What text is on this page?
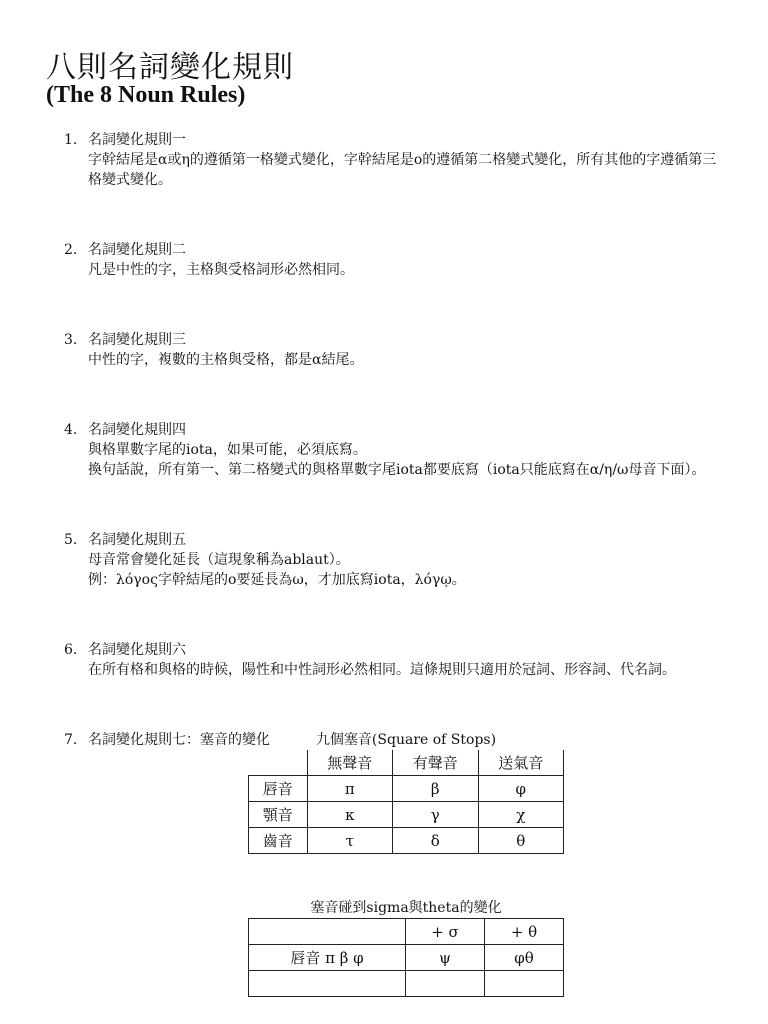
八則名詞變化規則
(The 8 Noun Rules)
1. 名詞變化規則一

字幹結尾是α或η的遵循第一格變式變化，字幹結尾是ο的遵循第二格變式變化，所有其他的字遵循第三格變式變化。

2. 名詞變化規則二

凡是中性的字，主格與受格詞形必然相同。

3. 名詞變化規則三

中性的字，複數的主格與受格，都是α結尾。

4. 名詞變化規則四

與格單數字尾的iota，如果可能，必須底寫。

換句話說，所有第一、第二格變式的與格單數字尾iota都要底寫（iota只能底寫在α/η/ω母音下面）。

5. 名詞變化規則五

母音常會變化延長（這現象稱為ablaut）。

例：λόγος字幹結尾的ο要延長為ω，才加底寫iota，λόγῳ。

6. 名詞變化規則六

在所有格和與格的時候，陽性和中性詞形必然相同。這條規則只適用於冠詞、形容詞、代名詞。

7. 名詞變化規則七：塞音的變化	九個塞音(Square of Stops)
	無聲音	有聲音	送氣音
唇音	π	β	φ
顎音	κ	γ	χ
齒音	τ	δ	θ
塞音碰到sigma與theta的變化
	+ σ	+ θ
唇音 π β φ	ψ	φθ
